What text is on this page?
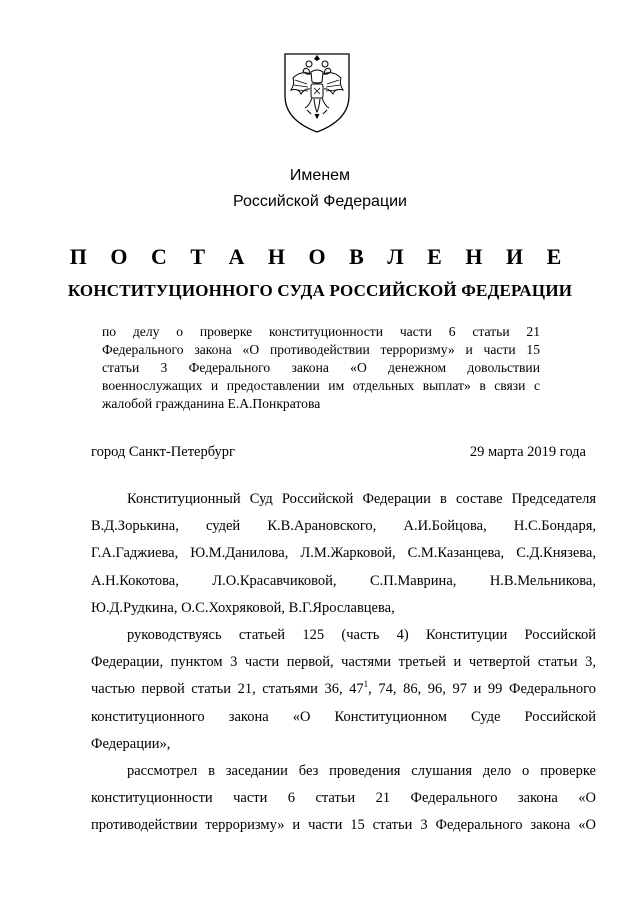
Именем
Российской Федерации
П О С Т А Н О В Л Е Н И Е
КОНСТИТУЦИОННОГО СУДА РОССИЙСКОЙ ФЕДЕРАЦИИ
по делу о проверке конституционности части 6 статьи 21
Федерального закона «О противодействии терроризму» и части 15
статьи 3 Федерального закона «О денежном довольствии
военнослужащих и предоставлении им отдельных выплат» в связи с
жалобой гражданина Е.А.Понкратова
город Санкт-Петербург	29 марта 2019 года
Конституционный Суд Российской Федерации в составе Председателя
В.Д.Зорькина, судей К.В.Арановского, А.И.Бойцова, Н.С.Бондаря,
Г.А.Гаджиева, Ю.М.Данилова, Л.М.Жарковой, С.М.Казанцева, С.Д.Князева,
А.Н.Кокотова, Л.О.Красавчиковой, С.П.Маврина, Н.В.Мельникова,
Ю.Д.Рудкина, О.С.Хохряковой, В.Г.Ярославцева,
руководствуясь статьей 125 (часть 4) Конституции Российской
Федерации, пунктом 3 части первой, частями третьей и четвертой статьи 3,
частью первой статьи 21, статьями 36, $47^1$, 74, 86, 96, 97 и 99 Федерального
конституционного закона «О Конституционном Суде Российской
Федерации»,
рассмотрел в заседании без проведения слушания дело о проверке
конституционности части 6 статьи 21 Федерального закона «О
противодействии терроризму» и части 15 статьи 3 Федерального закона «О
